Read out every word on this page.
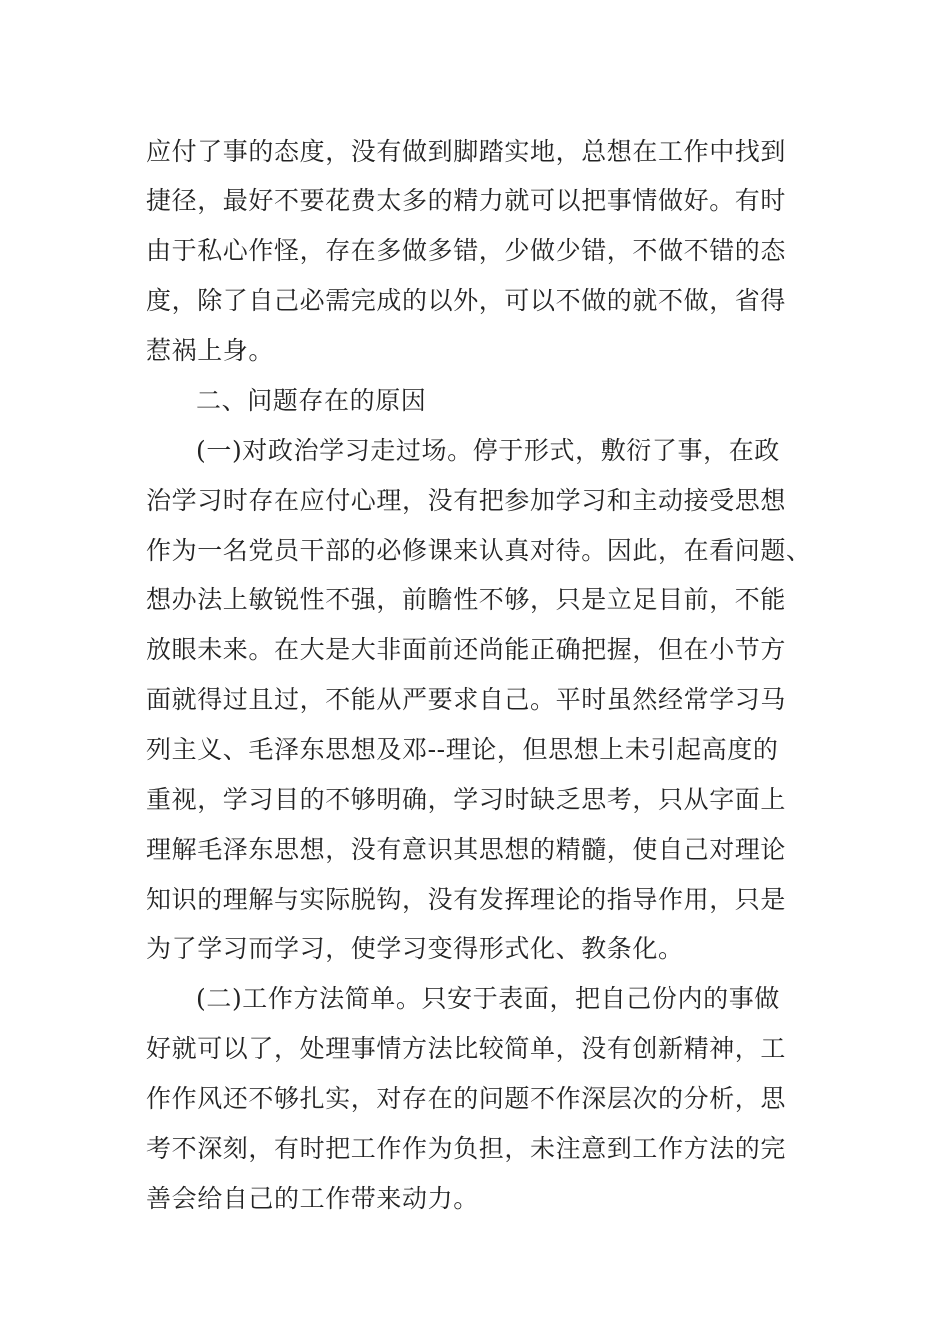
应付了事的态度，没有做到脚踏实地，总想在工作中找到

捷径，最好不要花费太多的精力就可以把事情做好。有时

由于私心作怪，存在多做多错，少做少错，不做不错的态

度，除了自己必需完成的以外，可以不做的就不做，省得

惹祸上身。

二、问题存在的原因

(一)对政治学习走过场。停于形式，敷衍了事，在政

治学习时存在应付心理，没有把参加学习和主动接受思想

作为一名党员干部的必修课来认真对待。因此，在看问题、

想办法上敏锐性不强，前瞻性不够，只是立足目前，不能

放眼未来。在大是大非面前还尚能正确把握，但在小节方

面就得过且过，不能从严要求自己。平时虽然经常学习马

列主义、毛泽东思想及邓--理论，但思想上未引起高度的

重视，学习目的不够明确，学习时缺乏思考，只从字面上

理解毛泽东思想，没有意识其思想的精髓，使自己对理论

知识的理解与实际脱钩，没有发挥理论的指导作用，只是

为了学习而学习，使学习变得形式化、教条化。

(二)工作方法简单。只安于表面，把自己份内的事做

好就可以了，处理事情方法比较简单，没有创新精神，工

作作风还不够扎实，对存在的问题不作深层次的分析，思

考不深刻，有时把工作作为负担，未注意到工作方法的完

善会给自己的工作带来动力。
